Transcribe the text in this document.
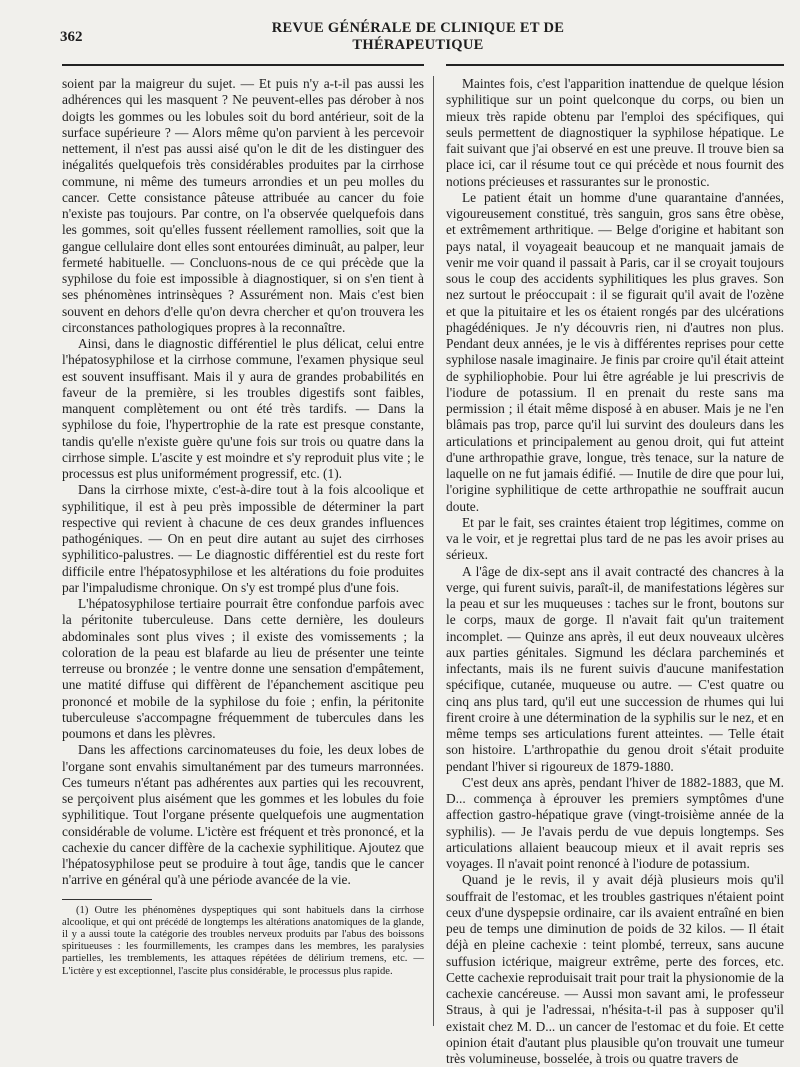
362
REVUE GÉNÉRALE DE CLINIQUE ET DE THÉRAPEUTIQUE

soient par la maigreur du sujet. — Et puis n'y a-t-il pas aussi les adhérences qui les masquent ? Ne peuvent-elles pas dérober à nos doigts les gommes ou les lobules soit du bord antérieur, soit de la surface supérieure ? — Alors même qu'on parvient à les percevoir nettement, il n'est pas aussi aisé qu'on le dit de les distinguer des inégalités quelquefois très considérables produites par la cirrhose commune, ni même des tumeurs arrondies et un peu molles du cancer. Cette consistance pâteuse attribuée au cancer du foie n'existe pas toujours. Par contre, on l'a observée quelquefois dans les gommes, soit qu'elles fussent réellement ramollies, soit que la gangue cellulaire dont elles sont entourées diminuât, au palper, leur fermeté habituelle. — Concluons-nous de ce qui précède que la syphilose du foie est impossible à diagnostiquer, si on s'en tient à ses phénomènes intrinsèques ? Assurément non. Mais c'est bien souvent en dehors d'elle qu'on devra chercher et qu'on trouvera les circonstances pathologiques propres à la reconnaître.

Ainsi, dans le diagnostic différentiel le plus délicat, celui entre l'hépatosyphilose et la cirrhose commune, l'examen physique seul est souvent insuffisant. Mais il y aura de grandes probabilités en faveur de la première, si les troubles digestifs sont faibles, manquent complètement ou ont été très tardifs. — Dans la syphilose du foie, l'hypertrophie de la rate est presque constante, tandis qu'elle n'existe guère qu'une fois sur trois ou quatre dans la cirrhose simple. L'ascite y est moindre et s'y reproduit plus vite ; le processus est plus uniformément progressif, etc. (1).

Dans la cirrhose mixte, c'est-à-dire tout à la fois alcoolique et syphilitique, il est à peu près impossible de déterminer la part respective qui revient à chacune de ces deux grandes influences pathogéniques. — On en peut dire autant au sujet des cirrhoses syphilitico-palustres. — Le diagnostic différentiel est du reste fort difficile entre l'hépatosyphilose et les altérations du foie produites par l'impaludisme chronique. On s'y est trompé plus d'une fois.

L'hépatosyphilose tertiaire pourrait être confondue parfois avec la péritonite tuberculeuse. Dans cette dernière, les douleurs abdominales sont plus vives ; il existe des vomissements ; la coloration de la peau est blafarde au lieu de présenter une teinte terreuse ou bronzée ; le ventre donne une sensation d'empâtement, une matité diffuse qui diffèrent de l'épanchement ascitique peu prononcé et mobile de la syphilose du foie ; enfin, la péritonite tuberculeuse s'accompagne fréquemment de tubercules dans les poumons et dans les plèvres.

Dans les affections carcinomateuses du foie, les deux lobes de l'organe sont envahis simultanément par des tumeurs marronnées. Ces tumeurs n'étant pas adhérentes aux parties qui les recouvrent, se perçoivent plus aisément que les gommes et les lobules du foie syphilitique. Tout l'organe présente quelquefois une augmentation considérable de volume. L'ictère est fréquent et très prononcé, et la cachexie du cancer diffère de la cachexie syphilitique. Ajoutez que l'hépatosyphilose peut se produire à tout âge, tandis que le cancer n'arrive en général qu'à une période avancée de la vie.

(1) Outre les phénomènes dyspeptiques qui sont habituels dans la cirrhose alcoolique, et qui ont précédé de longtemps les altérations anatomiques de la glande, il y a aussi toute la catégorie des troubles nerveux produits par l'abus des boissons spiritueuses : les fourmillements, les crampes dans les membres, les paralysies partielles, les tremblements, les attaques répétées de délirium tremens, etc. — L'ictère y est exceptionnel, l'ascite plus considérable, le processus plus rapide.

Maintes fois, c'est l'apparition inattendue de quelque lésion syphilitique sur un point quelconque du corps, ou bien un mieux très rapide obtenu par l'emploi des spécifiques, qui seuls permettent de diagnostiquer la syphilose hépatique. Le fait suivant que j'ai observé en est une preuve. Il trouve bien sa place ici, car il résume tout ce qui précède et nous fournit des notions précieuses et rassurantes sur le pronostic.

Le patient était un homme d'une quarantaine d'années, vigoureusement constitué, très sanguin, gros sans être obèse, et extrêmement arthritique. — Belge d'origine et habitant son pays natal, il voyageait beaucoup et ne manquait jamais de venir me voir quand il passait à Paris, car il se croyait toujours sous le coup des accidents syphilitiques les plus graves. Son nez surtout le préoccupait : il se figurait qu'il avait de l'ozène et que la pituitaire et les os étaient rongés par des ulcérations phagédéniques. Je n'y découvris rien, ni d'autres non plus. Pendant deux années, je le vis à différentes reprises pour cette syphilose nasale imaginaire. Je finis par croire qu'il était atteint de syphiliophobie. Pour lui être agréable je lui prescrivis de l'iodure de potassium. Il en prenait du reste sans ma permission ; il était même disposé à en abuser. Mais je ne l'en blâmais pas trop, parce qu'il lui survint des douleurs dans les articulations et principalement au genou droit, qui fut atteint d'une arthropathie grave, longue, très tenace, sur la nature de laquelle on ne fut jamais édifié. — Inutile de dire que pour lui, l'origine syphilitique de cette arthropathie ne souffrait aucun doute.

Et par le fait, ses craintes étaient trop légitimes, comme on va le voir, et je regrettai plus tard de ne pas les avoir prises au sérieux.

A l'âge de dix-sept ans il avait contracté des chancres à la verge, qui furent suivis, paraît-il, de manifestations légères sur la peau et sur les muqueuses : taches sur le front, boutons sur le corps, maux de gorge. Il n'avait fait qu'un traitement incomplet. — Quinze ans après, il eut deux nouveaux ulcères aux parties génitales. Sigmund les déclara parcheminés et infectants, mais ils ne furent suivis d'aucune manifestation spécifique, cutanée, muqueuse ou autre. — C'est quatre ou cinq ans plus tard, qu'il eut une succession de rhumes qui lui firent croire à une détermination de la syphilis sur le nez, et en même temps ses articulations furent atteintes. — Telle était son histoire. L'arthropathie du genou droit s'était produite pendant l'hiver si rigoureux de 1879-1880.

C'est deux ans après, pendant l'hiver de 1882-1883, que M. D... commença à éprouver les premiers symptômes d'une affection gastro-hépatique grave (vingt-troisième année de la syphilis). — Je l'avais perdu de vue depuis longtemps. Ses articulations allaient beaucoup mieux et il avait repris ses voyages. Il n'avait point renoncé à l'iodure de potassium.

Quand je le revis, il y avait déjà plusieurs mois qu'il souffrait de l'estomac, et les troubles gastriques n'étaient point ceux d'une dyspepsie ordinaire, car ils avaient entraîné en bien peu de temps une diminution de poids de 32 kilos. — Il était déjà en pleine cachexie : teint plombé, terreux, sans aucune suffusion ictérique, maigreur extrême, perte des forces, etc. Cette cachexie reproduisait trait pour trait la physionomie de la cachexie cancéreuse. — Aussi mon savant ami, le professeur Straus, à qui je l'adressai, n'hésita-t-il pas à supposer qu'il existait chez M. D... un cancer de l'estomac et du foie. Et cette opinion était d'autant plus plausible qu'on trouvait une tumeur très volumineuse, bosselée, à trois ou quatre travers de
